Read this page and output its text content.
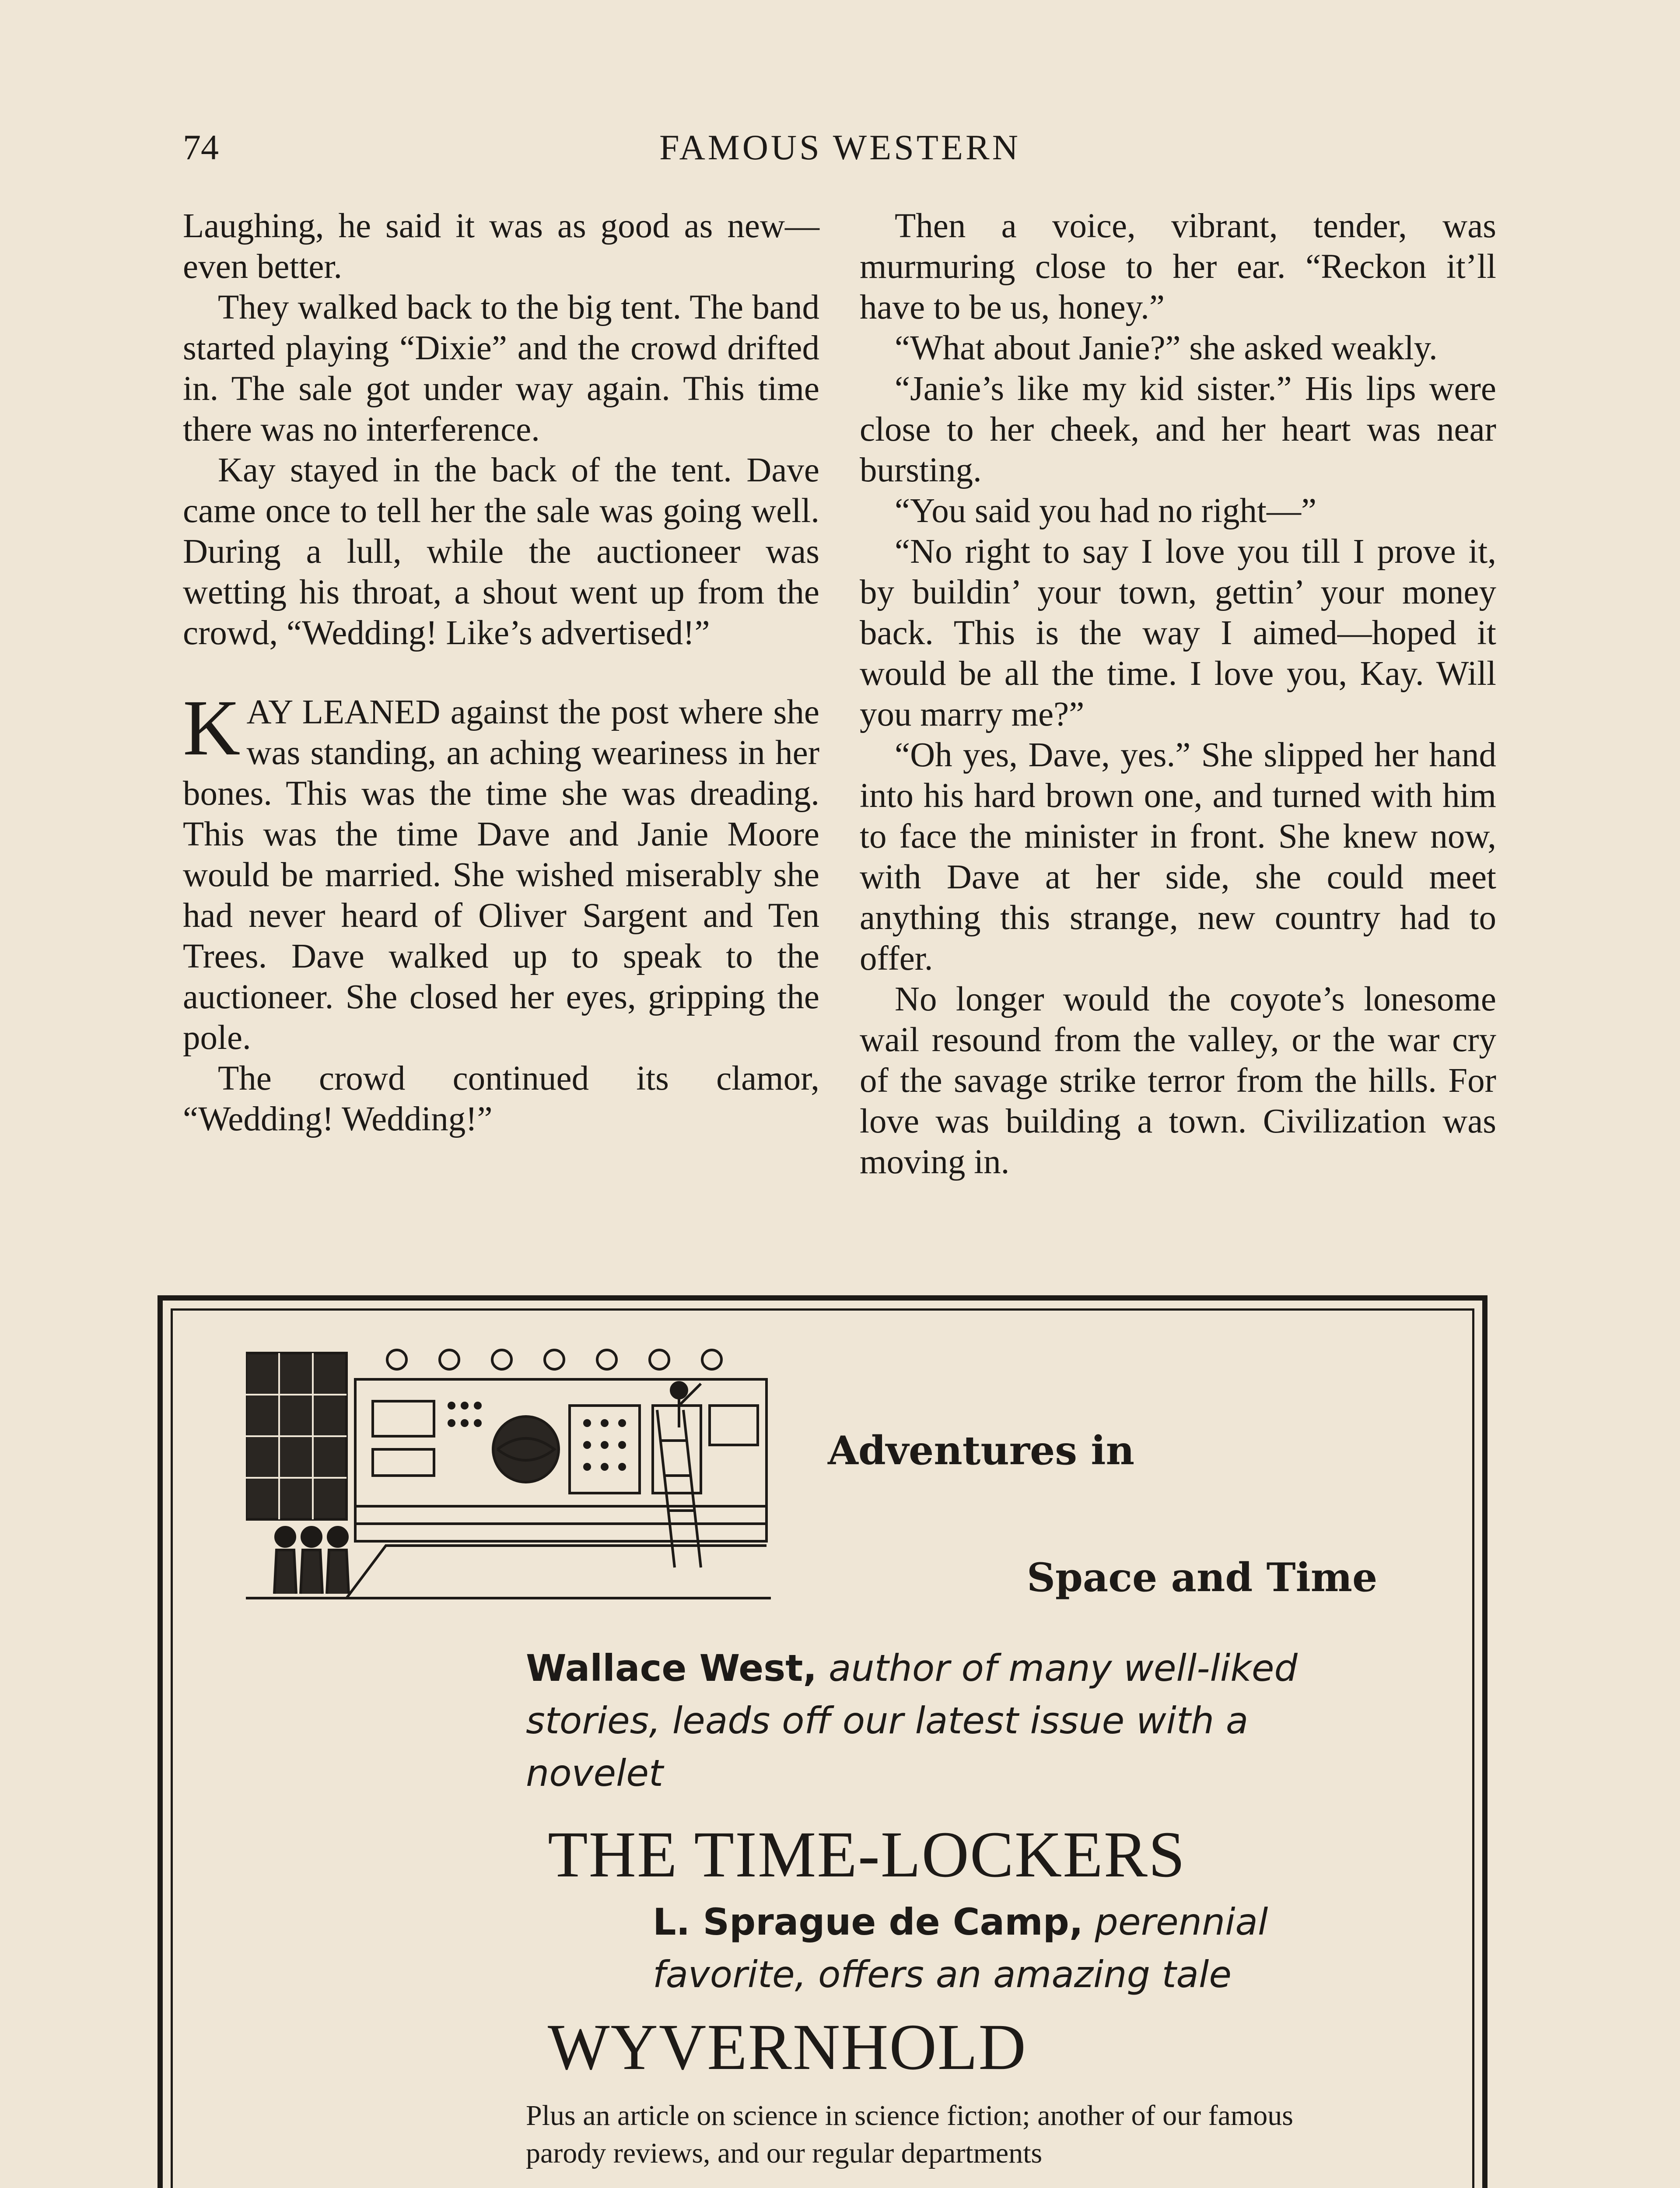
74	FAMOUS WESTERN

Laughing, he said it was as good as new—even better.

They walked back to the big tent. The band started playing “Dixie” and the crowd drifted in. The sale got under way again. This time there was no interference.

Kay stayed in the back of the tent. Dave came once to tell her the sale was going well. During a lull, while the auctioneer was wetting his throat, a shout went up from the crowd, “Wedding! Like’s advertised!”

KAY LEANED against the post where she was standing, an aching weariness in her bones. This was the time she was dreading. This was the time Dave and Janie Moore would be married. She wished miserably she had never heard of Oliver Sargent and Ten Trees. Dave walked up to speak to the auctioneer. She closed her eyes, gripping the pole.

The crowd continued its clamor, “Wedding! Wedding!”

Then a voice, vibrant, tender, was murmuring close to her ear. “Reckon it’ll have to be us, honey.”

“What about Janie?” she asked weakly.

“Janie’s like my kid sister.” His lips were close to her cheek, and her heart was near bursting.

“You said you had no right—”

“No right to say I love you till I prove it, by buildin’ your town, gettin’ your money back. This is the way I aimed—hoped it would be all the time. I love you, Kay. Will you marry me?”

“Oh yes, Dave, yes.” She slipped her hand into his hard brown one, and turned with him to face the minister in front. She knew now, with Dave at her side, she could meet anything this strange, new country had to offer.

No longer would the coyote’s lonesome wail resound from the valley, or the war cry of the savage strike terror from the hills. For love was building a town. Civilization was moving in.

Adventures in
Space and Time
Wallace West, author of many well-liked stories, leads off our latest issue with a novelet
THE TIME-LOCKERS
L. Sprague de Camp, perennial favorite, offers an amazing tale
WYVERNHOLD
Plus an article on science in science fiction; another of our famous parody reviews, and our regular departments
